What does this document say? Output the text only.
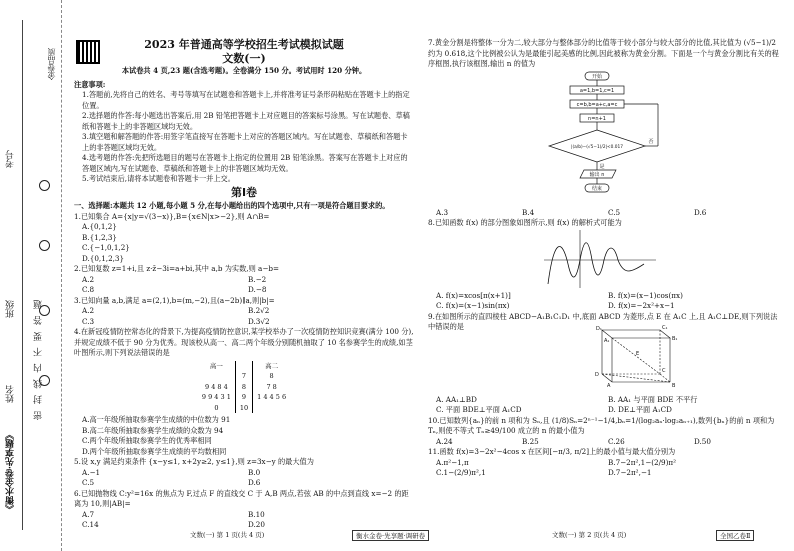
《衡水金卷·先享题》
姓名
班级
考号
密 封 线 内 不 要 答 题
金卷品质
2023 年普通高等学校招生考试模拟试题
文数(一)
本试卷共 4 页,23 题(含选考题)。全卷满分 150 分。考试用时 120 分钟。
注意事项:

1.答题前,先将自己的姓名、考号等填写在试题卷和答题卡上,并将准考证号条形码粘贴在答题卡上的指定位置。

2.选择题的作答:每小题选出答案后,用 2B 铅笔把答题卡上对应题目的答案标号涂黑。写在试题卷、草稿纸和答题卡上的非答题区域均无效。

3.填空题和解答题的作答:用签字笔直接写在答题卡上对应的答题区域内。写在试题卷、草稿纸和答题卡上的非答题区域均无效。

4.选考题的作答:先把所选题目的题号在答题卡上指定的位置用 2B 铅笔涂黑。答案写在答题卡上对应的答题区域内,写在试题卷、草稿纸和答题卡上的非答题区域均无效。

5.考试结束后,请将本试题卷和答题卡一并上交。

第Ⅰ卷
一、选择题:本题共 12 小题,每小题 5 分,在每小题给出的四个选项中,只有一项是符合题目要求的。

1.已知集合 A={x|y=√(3−x)},B={x∈N|x>−2},则 A∩B=

A.{0,1,2}
B.{1,2,3}
C.{−1,0,1,2}
D.{0,1,2,3}

2.已知复数 z=1+i,且 z·z̄−3i=a+bi,其中 a,b 为实数,则 a−b=

A.2	B.−2
C.8	D.−8

3.已知向量 a,b,满足 a=(2,1),b=(m,−2),且(a−2b)∥a,则|b|=

A.2	B.2√2
C.3	D.3√2

4.在新冠疫情防控常态化的背景下,为提高疫情防控意识,某学校举办了一次疫情防控知识竞赛(满分 100 分),并规定成绩不低于 90 分为优秀。现该校从高一、高二两个年级分别随机抽取了 10 名参赛学生的成绩,如茎叶图所示,则下列说法错误的是

高一		高二
	7	8
9 4 8 4	8	7 8
9 9 4 3 1	9	1 4 4 5 6
0	10	
A.高一年级所抽取参赛学生成绩的中位数为 91
B.高二年级所抽取参赛学生成绩的众数为 94
C.两个年级所抽取参赛学生的优秀率相同
D.两个年级所抽取参赛学生成绩的平均数相同

5.设 x,y 满足约束条件 {x−y≤1, x+2y≥2, y≤1},则 z=3x−y 的最大值为

A.−1	B.0
C.5	D.6

6.已知抛物线 C:y²=16x 的焦点为 F,过点 F 的直线交 C 于 A,B 两点,若弦 AB 的中点到直线 x=−2 的距离为 10,则|AB|=

A.7	B.10
C.14	D.20

7.黄金分割是将整体一分为二,较大部分与整体部分的比值等于较小部分与较大部分的比值,其比值为 (√5−1)/2 约为 0.618,这个比例被公认为是最能引起美感的比例,因此被称为黄金分割。下面是一个与黄金分割比有关的程序框图,执行该框图,输出 n 的值为

A.3	B.4	C.5	D.6

8.已知函数 f(x) 的部分图象如图所示,则 f(x) 的解析式可能为

A. f(x)=xcos[π(x+1)]	B. f(x)=(x−1)cos(πx)
C. f(x)=(x−1)sin(πx)	D. f(x)=−2x²+x−1

9.在如图所示的直四棱柱 ABCD−A₁B₁C₁D₁ 中,底面 ABCD 为菱形,点 E 在 A₁C 上,且 A₁C⊥DE,则下列说法中错误的是

A. AA₁⊥BD	B. AA₁ 与平面 BDE 不平行
C. 平面 BDE⊥平面 A₁CD	D. DE⊥平面 A₁CD

10.已知数列{aₙ}的前 n 项和为 Sₙ,且 (1/8)Sₙ=2ⁿ⁻¹−1/4,bₙ=1/(log₂aₙ·log₂aₙ₊₁),数列{bₙ}的前 n 项和为 Tₙ,则使不等式 Tₙ≥49/100 成立的 n 的最小值为

A.24	B.25	C.26	D.50

11.函数 f(x)=3−2x²−4cos x 在区间[−π/3, π/2]上的最小值与最大值分别为

A.π²−1,π	B.7−2π²,1−(2/9)π²
C.1−(2/9)π²,1	D.7−2π²,−1
开始
a=1,b=1,c=1
c=b,b=a+c,a=c
n=n+1
|(a/b)−(√5−1)/2|<0.017
否
是
输出 n
结束
D₁	C₁
A₁	B₁
E
D
C
A	B
文数(一) 第 1 页(共 4 页)	衡水金卷·先享题·调研卷	文数(一) 第 2 页(共 4 页)	全国乙卷Ⅱ
